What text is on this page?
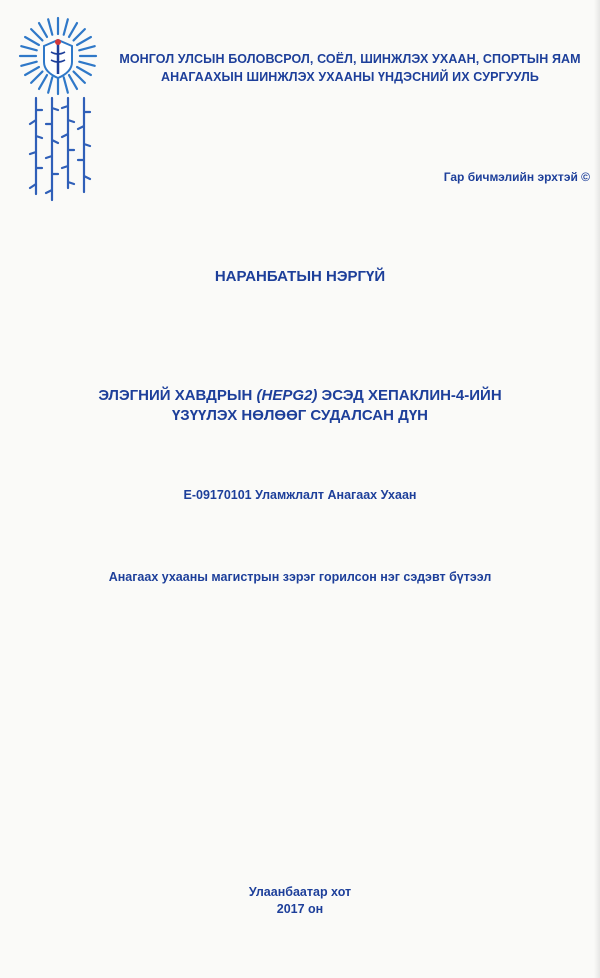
МОНГОЛ УЛСЫН БОЛОВСРОЛ, СОЁЛ, ШИНЖЛЭХ УХААН, СПОРТЫН ЯАМ
АНАГААХЫН ШИНЖЛЭХ УХААНЫ ҮНДЭСНИЙ ИХ СУРГУУЛЬ
Гар бичмэлийн эрхтэй ©
НАРАНБАТЫН НЭРГҮЙ
ЭЛЭГНИЙ ХАВДРЫН (HEPG2) ЭСЭД ХЕПАКЛИН-4-ИЙН
ҮЗҮҮЛЭХ НӨЛӨӨГ СУДАЛСАН ДҮН
E-09170101 Уламжлалт Анагаах Ухаан
Анагаах ухааны магистрын зэрэг горилсон нэг сэдэвт бүтээл
Улаанбаатар хот
2017 он
